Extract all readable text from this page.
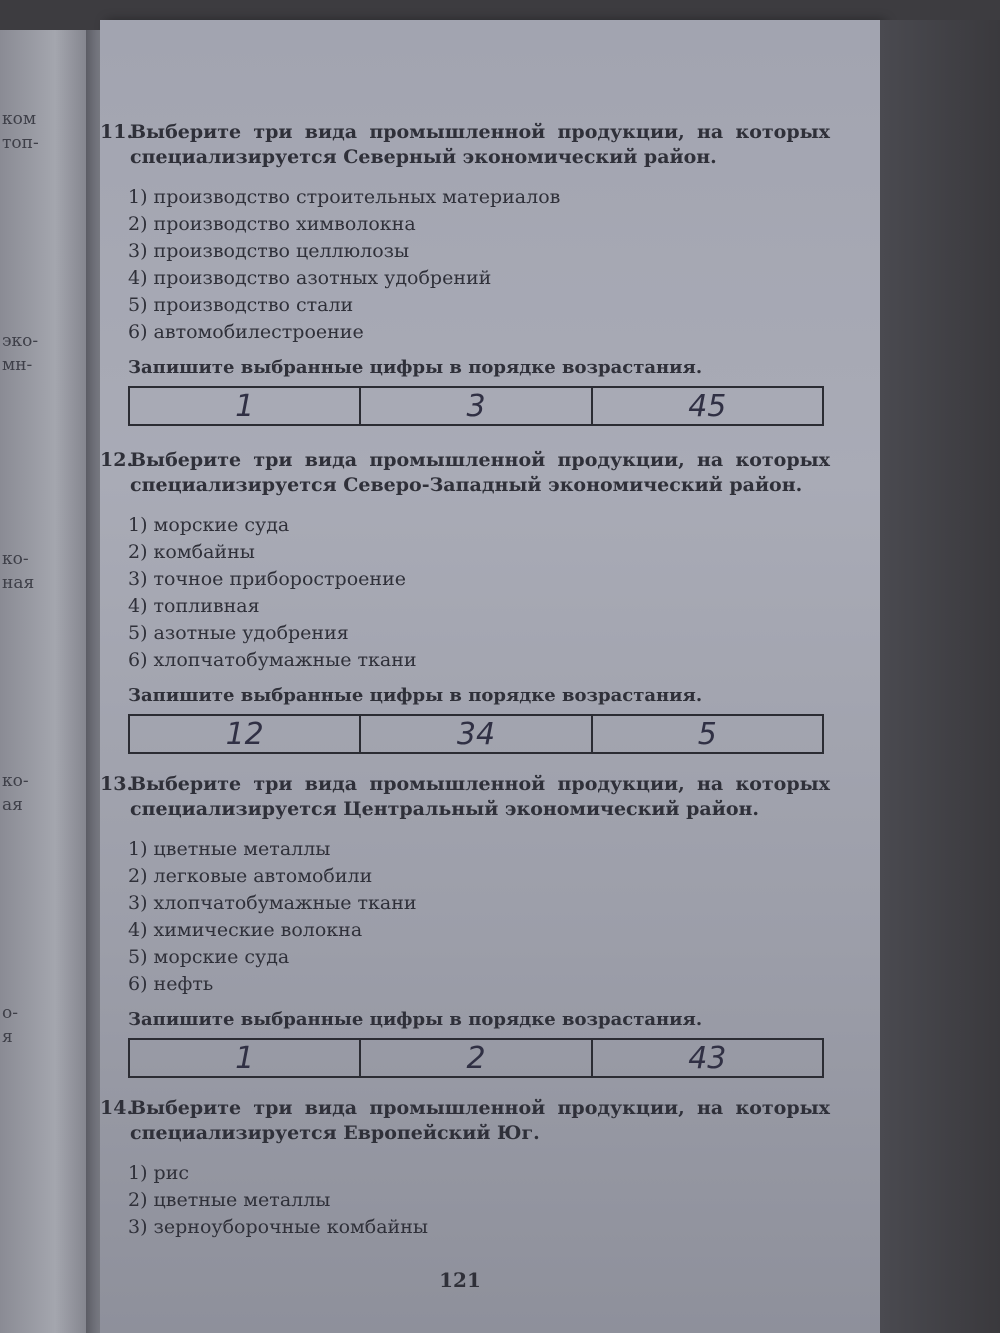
ком
топ-
эко-
мн-
ко-
ная
ко-
ая
о-
я
11.
Выберите три вида промышленной продукции, на которых специализируется Северный экономический район.
1) производство строительных материалов
2) производство химволокна
3) производство целлюлозы
4) производство азотных удобрений
5) производство стали
6) автомобилестроение
Запишите выбранные цифры в порядке возрастания.
1	3	45
12.
Выберите три вида промышленной продукции, на которых специализируется Северо-Западный экономический район.
1) морские суда
2) комбайны
3) точное приборостроение
4) топливная
5) азотные удобрения
6) хлопчатобумажные ткани
Запишите выбранные цифры в порядке возрастания.
12	34	5
13.
Выберите три вида промышленной продукции, на которых специализируется Центральный экономический район.
1) цветные металлы
2) легковые автомобили
3) хлопчатобумажные ткани
4) химические волокна
5) морские суда
6) нефть
Запишите выбранные цифры в порядке возрастания.
1	2	43
14.
Выберите три вида промышленной продукции, на которых специализируется Европейский Юг.
1) рис
2) цветные металлы
3) зерноуборочные комбайны
121
